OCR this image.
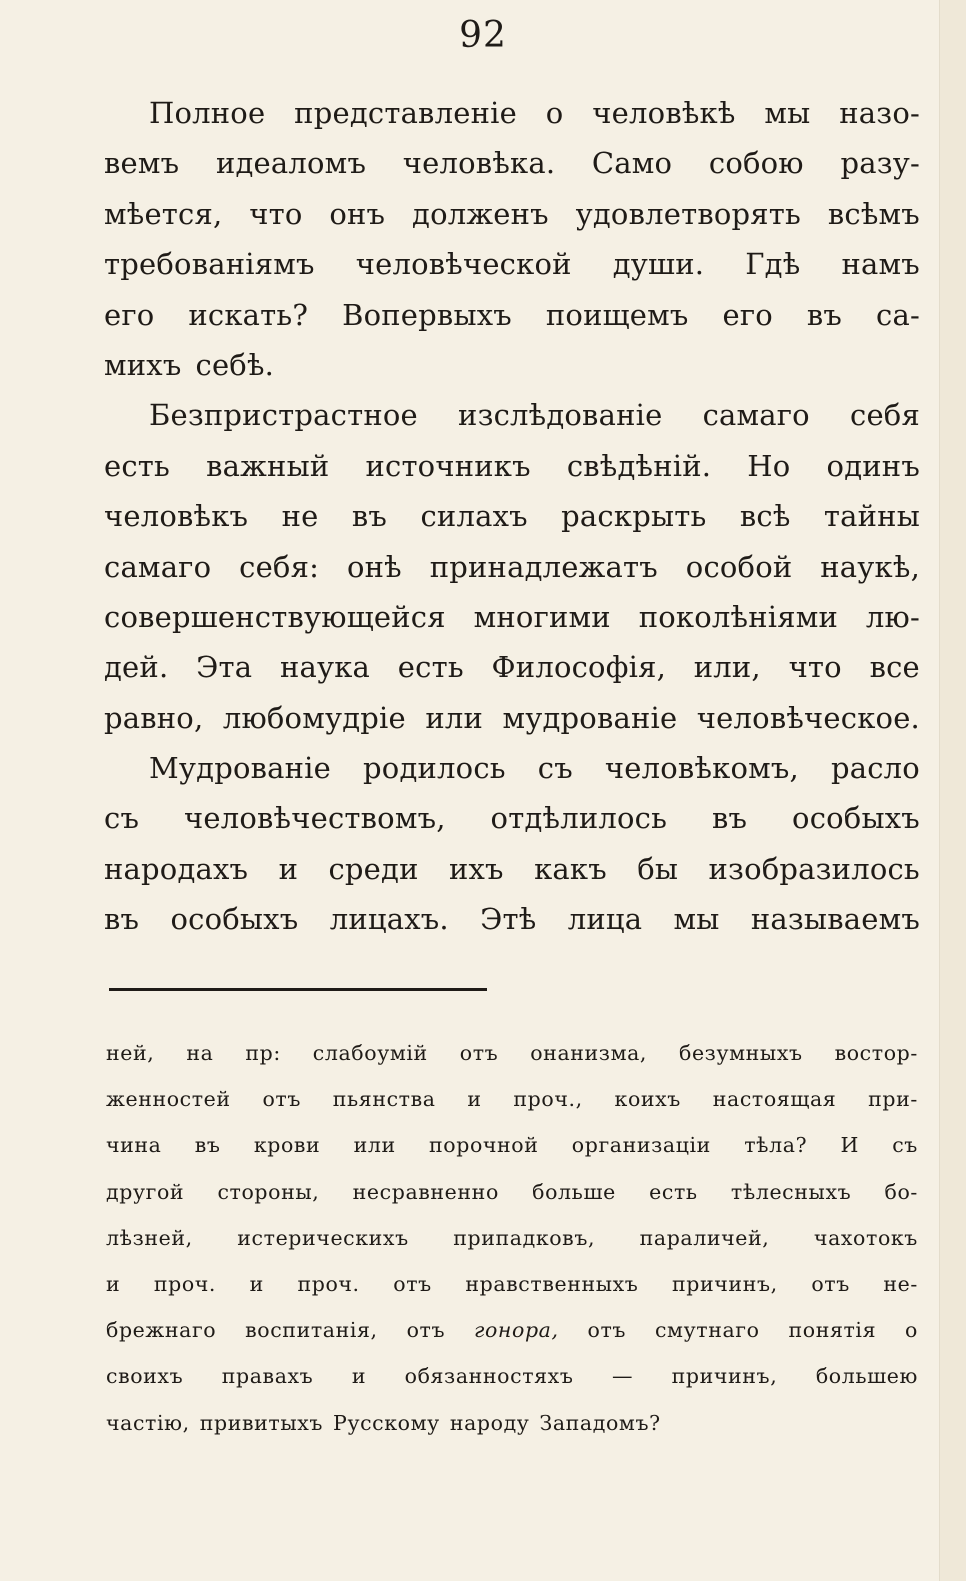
92
Полное представленіе о человѣкѣ мы назо-
вемъ идеаломъ человѣка. Само собою разу-
мѣется, что онъ долженъ удовлетворять всѣмъ
требованіямъ человѣческой души. Гдѣ намъ
его искать? Вопервыхъ поищемъ его въ са-
михъ себѣ.
Безпристрастное изслѣдованіе самаго себя
есть важный источникъ свѣдѣній. Но одинъ
человѣкъ не въ силахъ раскрыть всѣ тайны
самаго себя: онѣ принадлежатъ особой наукѣ,
совершенствующейся многими поколѣніями лю-
дей. Эта наука есть Философія, или, что все
равно, любомудріе или мудрованіе человѣческое.
Мудрованіе родилось съ человѣкомъ, расло
съ человѣчествомъ, отдѣлилось въ особыхъ
народахъ и среди ихъ какъ бы изобразилось
въ особыхъ лицахъ. Этѣ лица мы называемъ
ней, на пр: слабоумій отъ онанизма, безумныхъ востор-
женностей отъ пьянства и проч., коихъ настоящая при-
чина въ крови или порочной организаціи тѣла? И съ
другой стороны, несравненно больше есть тѣлесныхъ бо-
лѣзней, истерическихъ припадковъ, параличей, чахотокъ
и проч. и проч. отъ нравственныхъ причинъ, отъ не-
брежнаго воспитанія, отъ гонора, отъ смутнаго понятія о
своихъ правахъ и обязанностяхъ — причинъ, большею
частію, привитыхъ Русскому народу Западомъ?
